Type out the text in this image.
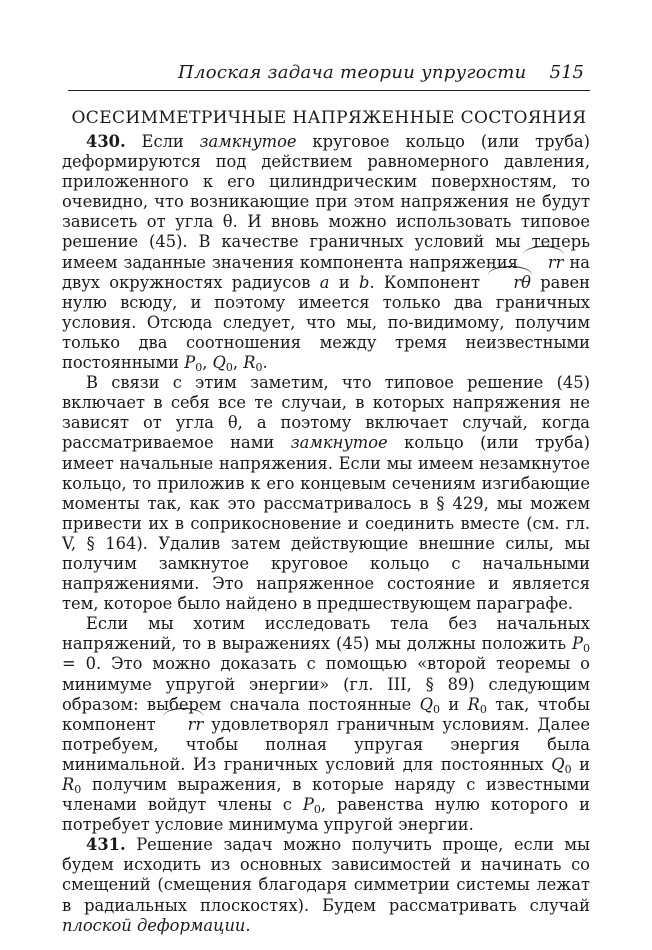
Плоская задача теории упругости 515
ОСЕСИММЕТРИЧНЫЕ НАПРЯЖЕННЫЕ СОСТОЯНИЯ

430. Если замкнутое круговое кольцо (или труба) деформируются под действием равномерного давления, приложенного к его цилиндрическим поверхностям, то очевидно, что возникающие при этом напряжения не будут зависеть от угла θ. И вновь можно использовать типовое решение (45). В качестве граничных условий мы теперь имеем заданные значения компонента напряжения rr на двух окружностях радиусов a и b. Компонент rθ равен нулю всюду, и поэтому имеется только два граничных условия. Отсюда следует, что мы, по-видимому, получим только два соотношения между тремя неизвестными постоянными $P_0$, $Q_0$, $R_0$.

В связи с этим заметим, что типовое решение (45) включает в себя все те случаи, в которых напряжения не зависят от угла θ, а поэтому включает случай, когда рассматриваемое нами замкнутое кольцо (или труба) имеет начальные напряжения. Если мы имеем незамкнутое кольцо, то приложив к его концевым сечениям изгибающие моменты так, как это рассматривалось в § 429, мы можем привести их в соприкосновение и соединить вместе (см. гл. V, § 164). Удалив затем действующие внешние силы, мы получим замкнутое круговое кольцо с начальными напряжениями. Это напряженное состояние и является тем, которое было найдено в предшествующем параграфе.

Если мы хотим исследовать тела без начальных напряжений, то в выражениях (45) мы должны положить $P_0 = 0$. Это можно доказать с помощью «второй теоремы о минимуме упругой энергии» (гл. III, § 89) следующим образом: выберем сначала постоянные $Q_0$ и $R_0$ так, чтобы компонент rr удовлетворял граничным условиям. Далее потребуем, чтобы полная упругая энергия была минимальной. Из граничных условий для постоянных $Q_0$ и $R_0$ получим выражения, в которые наряду с известными членами войдут члены с $P_0$, равенства нулю которого и потребует условие минимума упругой энергии.

431. Решение задач можно получить проще, если мы будем исходить из основных зависимостей и начинать со смещений (смещения благодаря симметрии системы лежат в радиальных плоскостях). Будем рассматривать случай плоской деформации.
